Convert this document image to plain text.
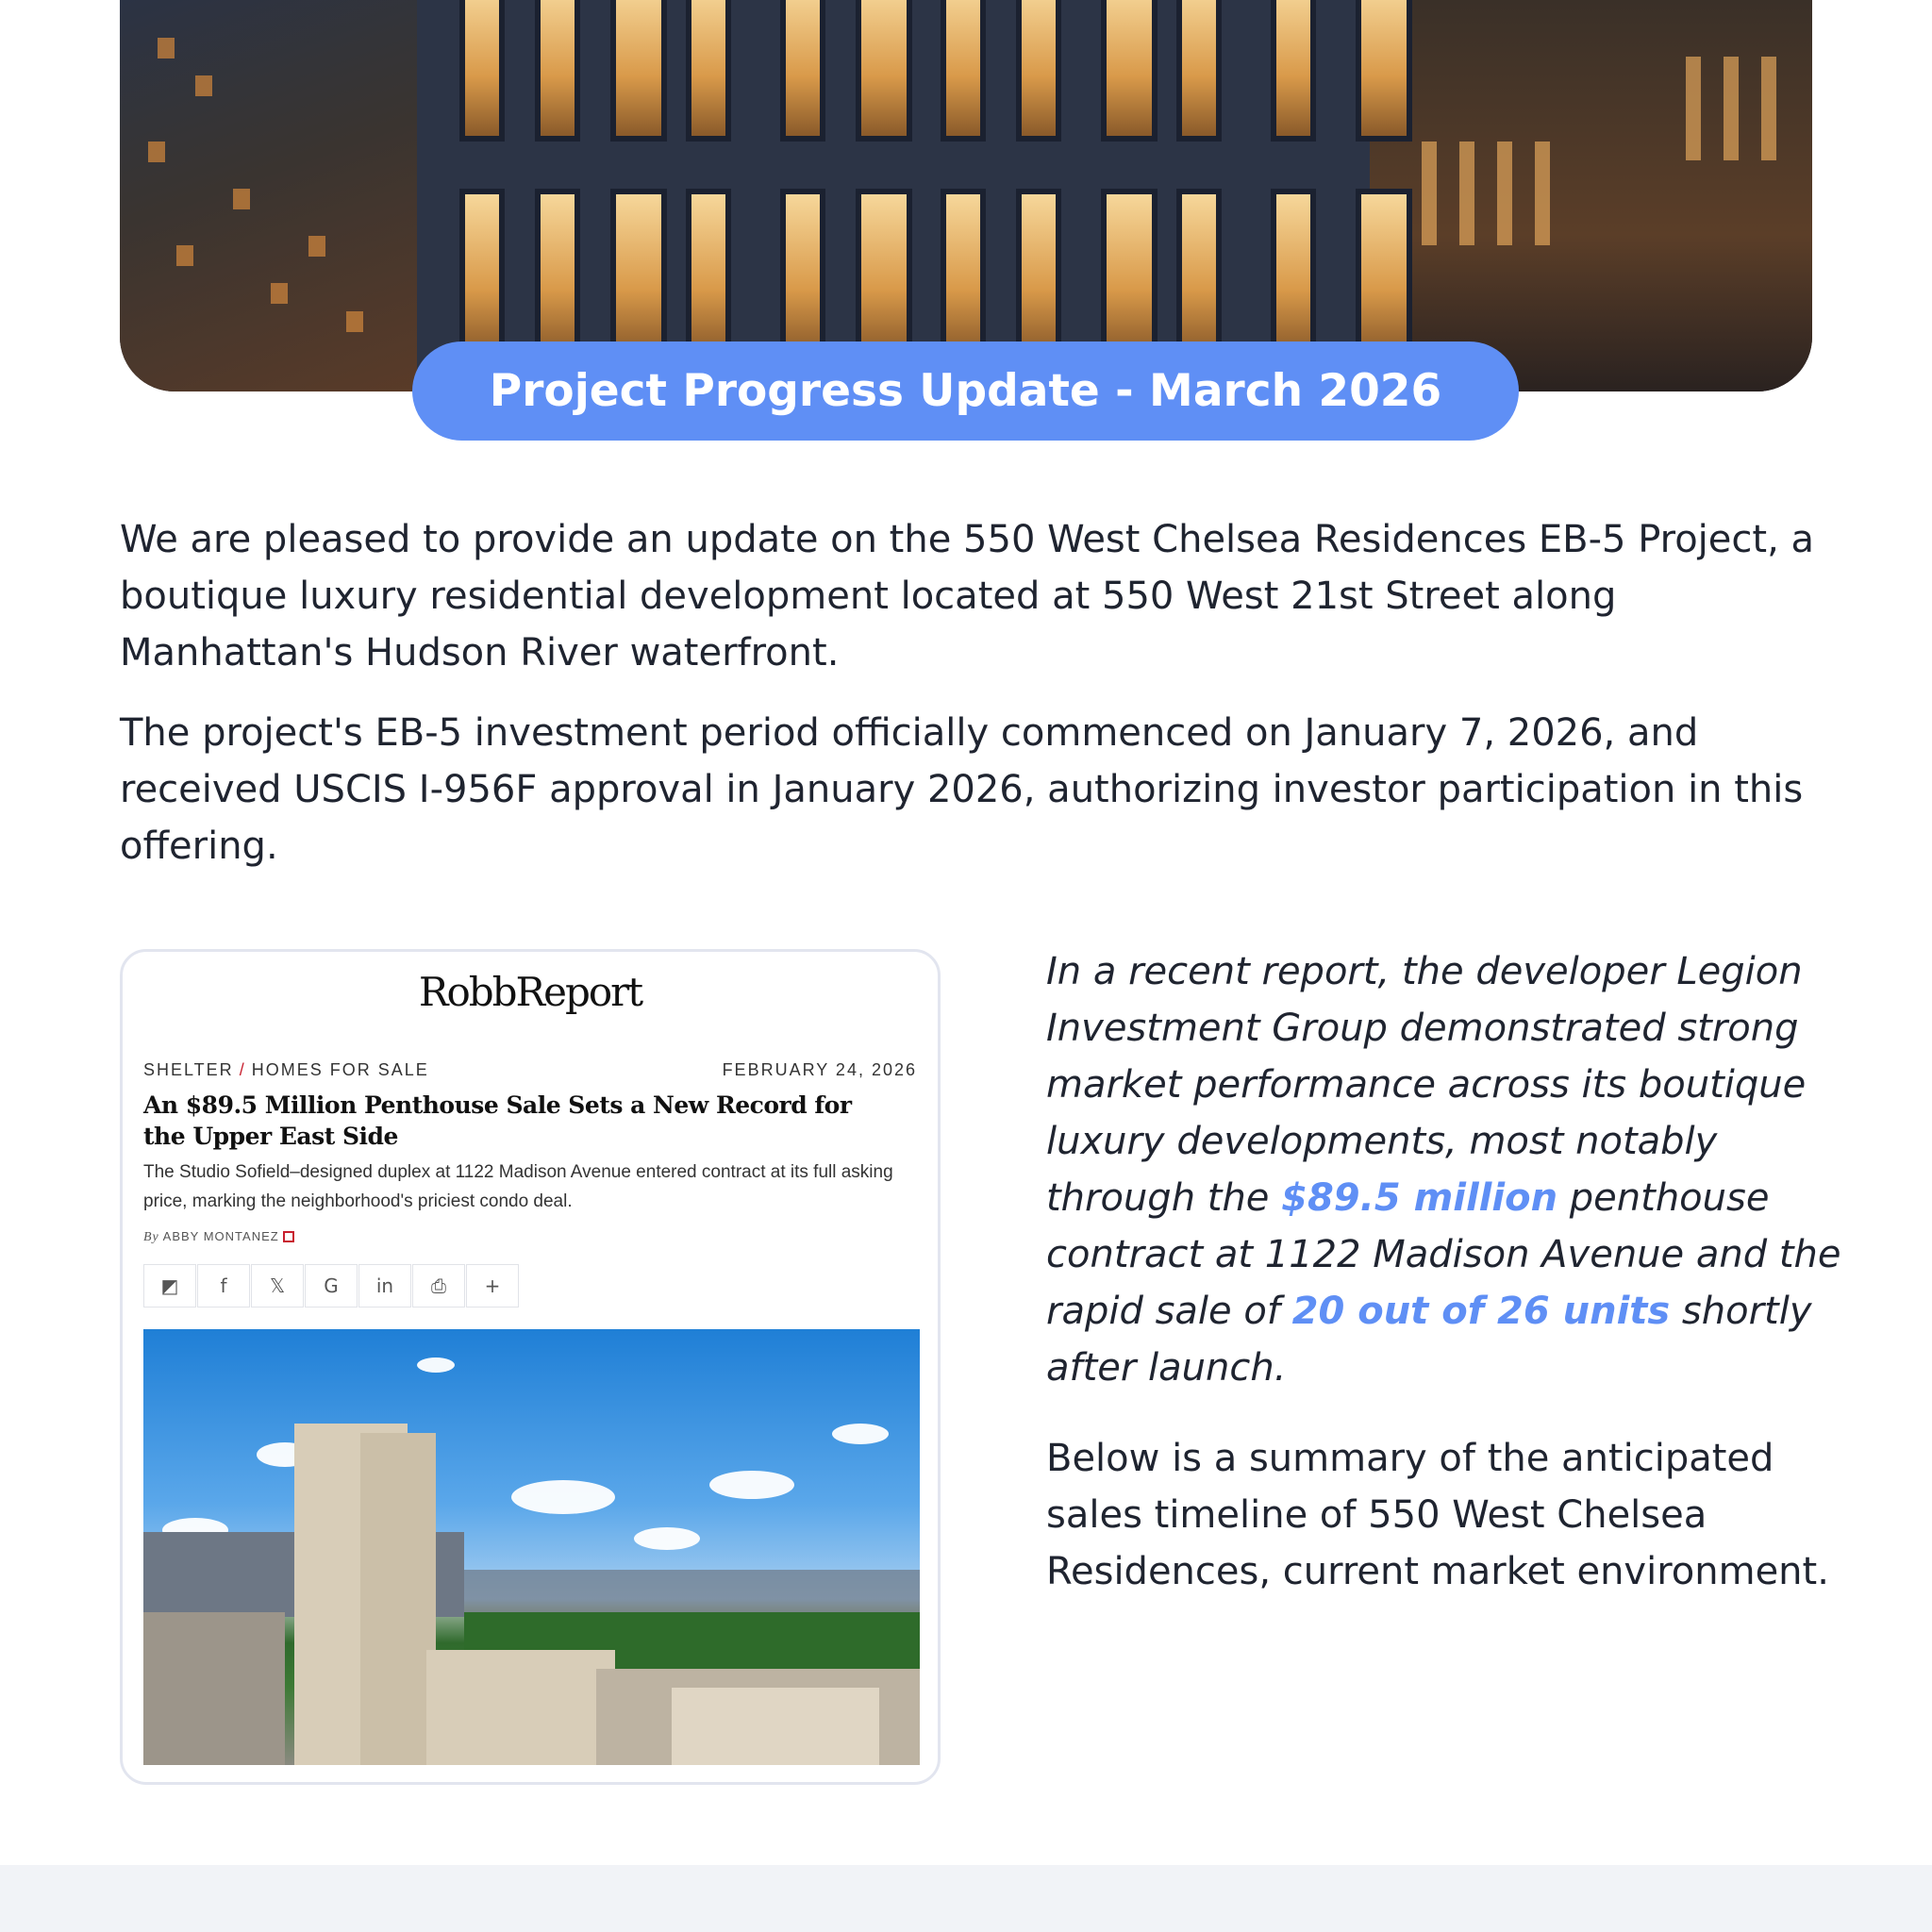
Project Progress Update - March 2026

We are pleased to provide an update on the 550 West Chelsea Residences EB-5 Project, a boutique luxury residential development located at 550 West 21st Street along Manhattan's Hudson River waterfront.

The project's EB-5 investment period officially commenced on January 7, 2026, and received USCIS I-956F approval in January 2026, authorizing investor participation in this offering.

RobbReport
SHELTER / HOMES FOR SALE	FEBRUARY 24, 2026
An $89.5 Million Penthouse Sale Sets a New Record for the Upper East Side
The Studio Sofield–designed duplex at 1122 Madison Avenue entered contract at its full asking price, marking the neighborhood's priciest condo deal.
By ABBY MONTANEZ
◩	f	𝕏	G	in	⎙	+

In a recent report, the developer Legion Investment Group demonstrated strong market performance across its boutique luxury developments, most notably through the $89.5 million penthouse contract at 1122 Madison Avenue and the rapid sale of 20 out of 26 units shortly after launch.

Below is a summary of the anticipated sales timeline of 550 West Chelsea Residences, current market environment.
